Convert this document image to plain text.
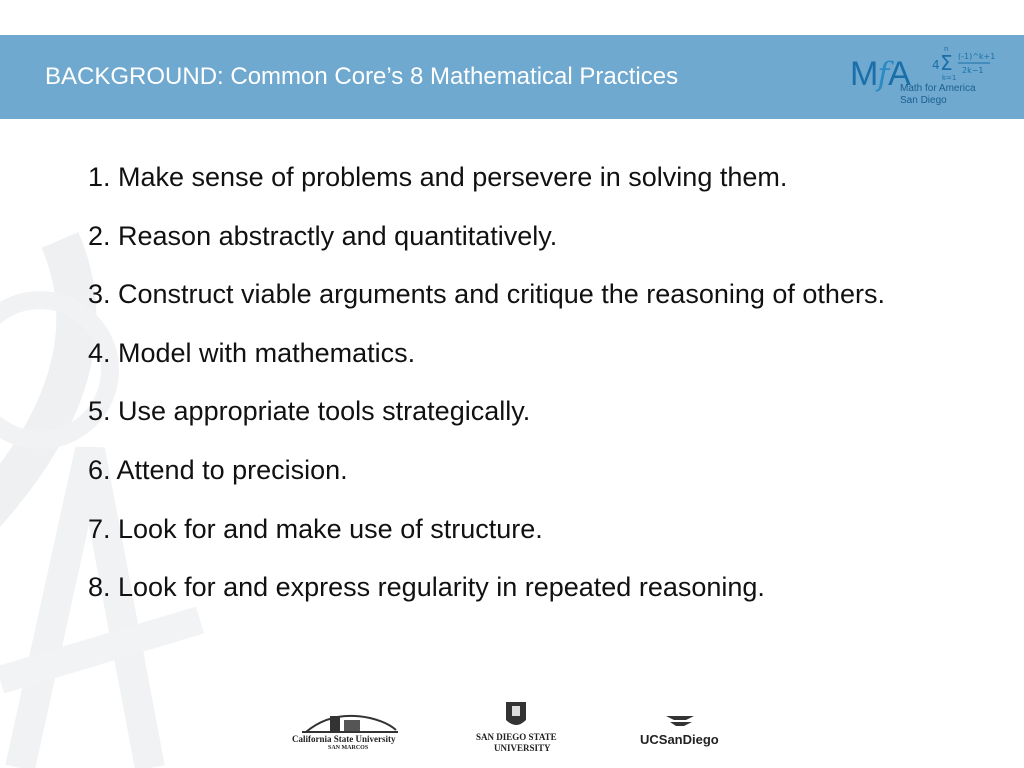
BACKGROUND: Common Core’s 8 Mathematical Practices	MfA 4 Σ
n
k=1
(-1)^k+1
2k−1
Math for America
San Diego
1. Make sense of problems and persevere in solving them.
2. Reason abstractly and quantitatively.
3. Construct viable arguments and critique the reasoning of others.
4. Model with mathematics.
5. Use appropriate tools strategically.
6. Attend to precision.
7. Look for and make use of structure.
8. Look for and express regularity in repeated reasoning.
California State University
SAN MARCOS
SAN DIEGO STATE
UNIVERSITY
UCSanDiego
